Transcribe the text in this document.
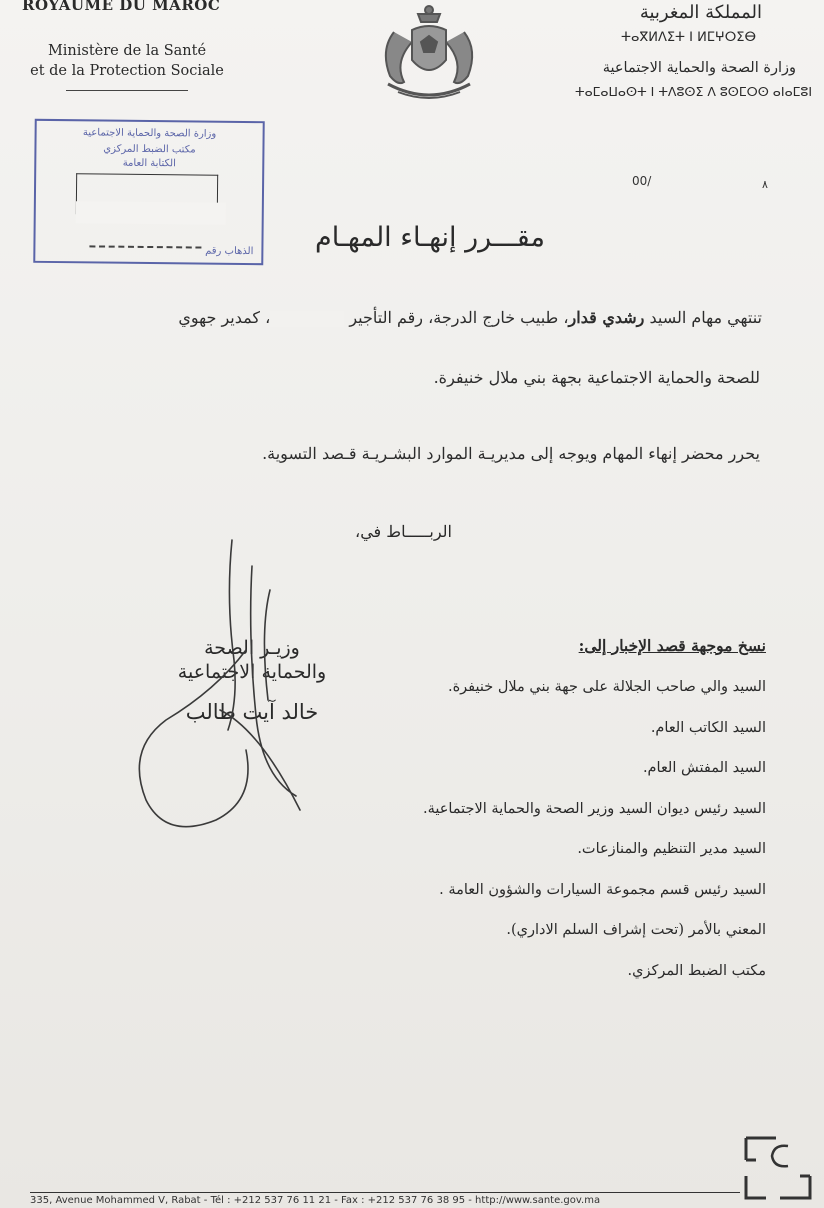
ROYAUME DU MAROC
Ministère de la Santé
et de la Protection Sociale
المملكة المغربية
ⵜⴰⴳⵍⴷⵉⵜ ⵏ ⵍⵎⵖⵔⵉⴱ
وزارة الصحة والحماية الاجتماعية
ⵜⴰⵎⴰⵡⴰⵙⵜ ⵏ ⵜⴷⵓⵙⵉ ⴷ ⵓⵙⵎⵔⵙ ⴰⵏⴰⵎⵓⵏ
وزارة الصحة والحماية الاجتماعية
مكتب الضبط المركزي
الكتابة العامة
الذهاب رقم
00/	٨
مقـــرر إنهـاء المهـام
تنتهي مهام السيد رشدي قدار، طبيب خارج الدرجة، رقم التأجير ، كمدير جهوي
للصحة والحماية الاجتماعية بجهة بني ملال خنيفرة.
يحرر محضر إنهاء المهام ويوجه إلى مديريـة الموارد البشـريـة قـصد التسوية.
الربـــــاط في،
وزيـر الصحة
والحماية الاجتماعية
خالد آيت طالب
نسخ موجهة قصد الإخبار إلى:
السيد والي صاحب الجلالة على جهة بني ملال خنيفرة.
السيد الكاتب العام.
السيد المفتش العام.
السيد رئيس ديوان السيد وزير الصحة والحماية الاجتماعية.
السيد مدير التنظيم والمنازعات.
السيد رئيس قسم مجموعة السيارات والشؤون العامة .
المعني بالأمر (تحت إشراف السلم الاداري).
مكتب الضبط المركزي.
335, Avenue Mohammed V, Rabat - Tél : +212 537 76 11 21 - Fax : +212 537 76 38 95 - http://www.sante.gov.ma
